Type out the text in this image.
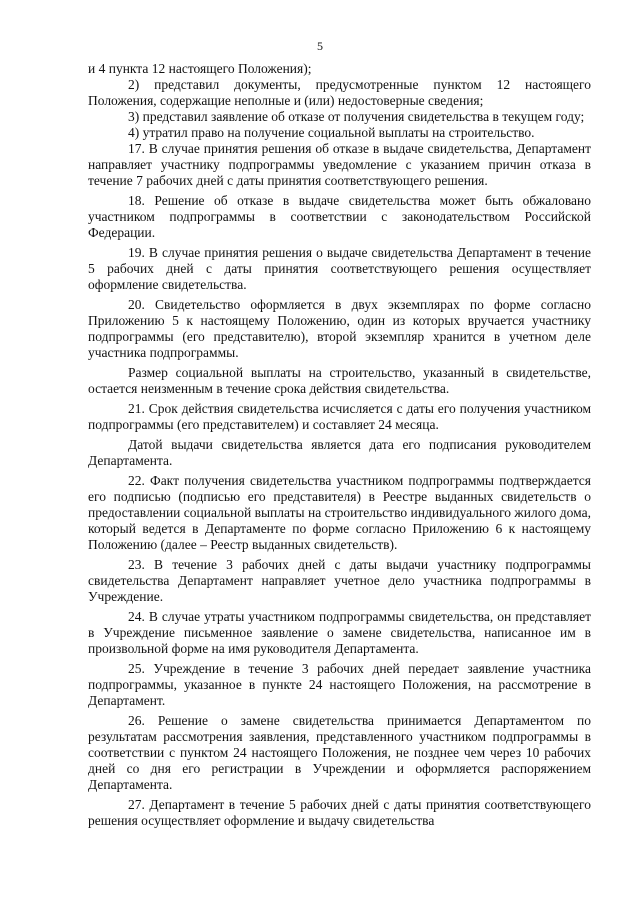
5

и 4 пункта 12 настоящего Положения);

2) представил документы, предусмотренные пунктом 12 настоящего Положения, содержащие неполные и (или) недостоверные сведения;

3) представил заявление об отказе от получения свидетельства в текущем году;

4) утратил право на получение социальной выплаты на строительство.

17. В случае принятия решения об отказе в выдаче свидетельства, Департамент направляет участнику подпрограммы уведомление с указанием причин отказа в течение 7 рабочих дней с даты принятия соответствующего решения.

18. Решение об отказе в выдаче свидетельства может быть обжаловано участником подпрограммы в соответствии с законодательством Российской Федерации.

19. В случае принятия решения о выдаче свидетельства Департамент в течение 5 рабочих дней с даты принятия соответствующего решения осуществляет оформление свидетельства.

20. Свидетельство оформляется в двух экземплярах по форме согласно Приложению 5 к настоящему Положению, один из которых вручается участнику подпрограммы (его представителю), второй экземпляр хранится в учетном деле участника подпрограммы.

Размер социальной выплаты на строительство, указанный в свидетельстве, остается неизменным в течение срока действия свидетельства.

21. Срок действия свидетельства исчисляется с даты его получения участником подпрограммы (его представителем) и составляет 24 месяца.

Датой выдачи свидетельства является дата его подписания руководителем Департамента.

22. Факт получения свидетельства участником подпрограммы подтверждается его подписью (подписью его представителя) в Реестре выданных свидетельств о предоставлении социальной выплаты на строительство индивидуального жилого дома, который ведется в Департаменте по форме согласно Приложению 6 к настоящему Положению (далее – Реестр выданных свидетельств).

23. В течение 3 рабочих дней с даты выдачи участнику подпрограммы свидетельства Департамент направляет учетное дело участника подпрограммы в Учреждение.

24. В случае утраты участником подпрограммы свидетельства, он представляет в Учреждение письменное заявление о замене свидетельства, написанное им в произвольной форме на имя руководителя Департамента.

25. Учреждение в течение 3 рабочих дней передает заявление участника подпрограммы, указанное в пункте 24 настоящего Положения, на рассмотрение в Департамент.

26. Решение о замене свидетельства принимается Департаментом по результатам рассмотрения заявления, представленного участником подпрограммы в соответствии с пунктом 24 настоящего Положения, не позднее чем через 10 рабочих дней со дня его регистрации в Учреждении и оформляется распоряжением Департамента.

27. Департамент в течение 5 рабочих дней с даты принятия соответствующего решения осуществляет оформление и выдачу свидетельства
